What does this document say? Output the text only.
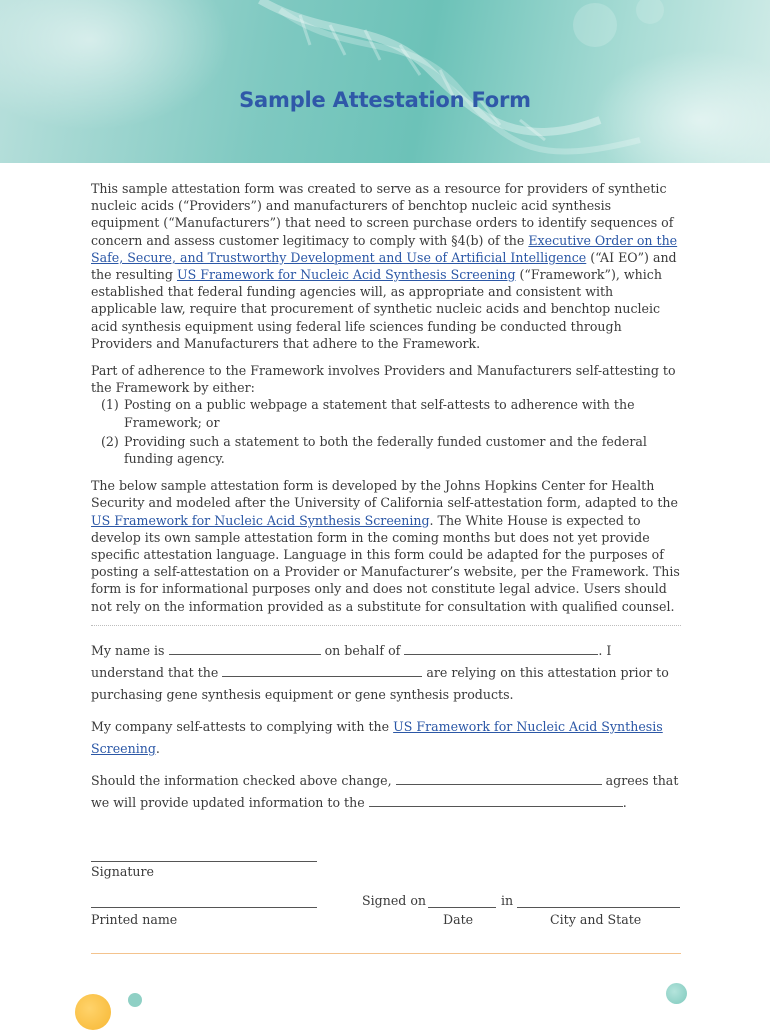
Sample Attestation Form

This sample attestation form was created to serve as a resource for providers of synthetic nucleic acids (“Providers”) and manufacturers of benchtop nucleic acid synthesis equipment (“Manufacturers”) that need to screen purchase orders to identify sequences of concern and assess customer legitimacy to comply with §4(b) of the Executive Order on the Safe, Secure, and Trustworthy Development and Use of Artificial Intelligence (“AI EO”) and the resulting US Framework for Nucleic Acid Synthesis Screening (“Framework”), which established that federal funding agencies will, as appropriate and consistent with applicable law, require that procurement of synthetic nucleic acids and benchtop nucleic acid synthesis equipment using federal life sciences funding be conducted through Providers and Manufacturers that adhere to the Framework.

Part of adherence to the Framework involves Providers and Manufacturers self-attesting to the Framework by either:

(1) Posting on a public webpage a statement that self-attests to adherence with the Framework; or
(2) Providing such a statement to both the federally funded customer and the federal funding agency.

The below sample attestation form is developed by the Johns Hopkins Center for Health Security and modeled after the University of California self-attestation form, adapted to the US Framework for Nucleic Acid Synthesis Screening. The White House is expected to develop its own sample attestation form in the coming months but does not yet provide specific attestation language. Language in this form could be adapted for the purposes of posting a self-attestation on a Provider or Manufacturer’s website, per the Framework. This form is for informational purposes only and does not constitute legal advice. Users should not rely on the information provided as a substitute for consultation with qualified counsel.

My name is	on behalf of	. I understand that the	are relying on this attestation prior to purchasing gene synthesis equipment or gene synthesis products.
My company self-attests to complying with the US Framework for Nucleic Acid Synthesis Screening.
Should the information checked above change,	agrees that we will provide updated information to the	.
Signature
Printed name
Signed on	in
Date	City and State
